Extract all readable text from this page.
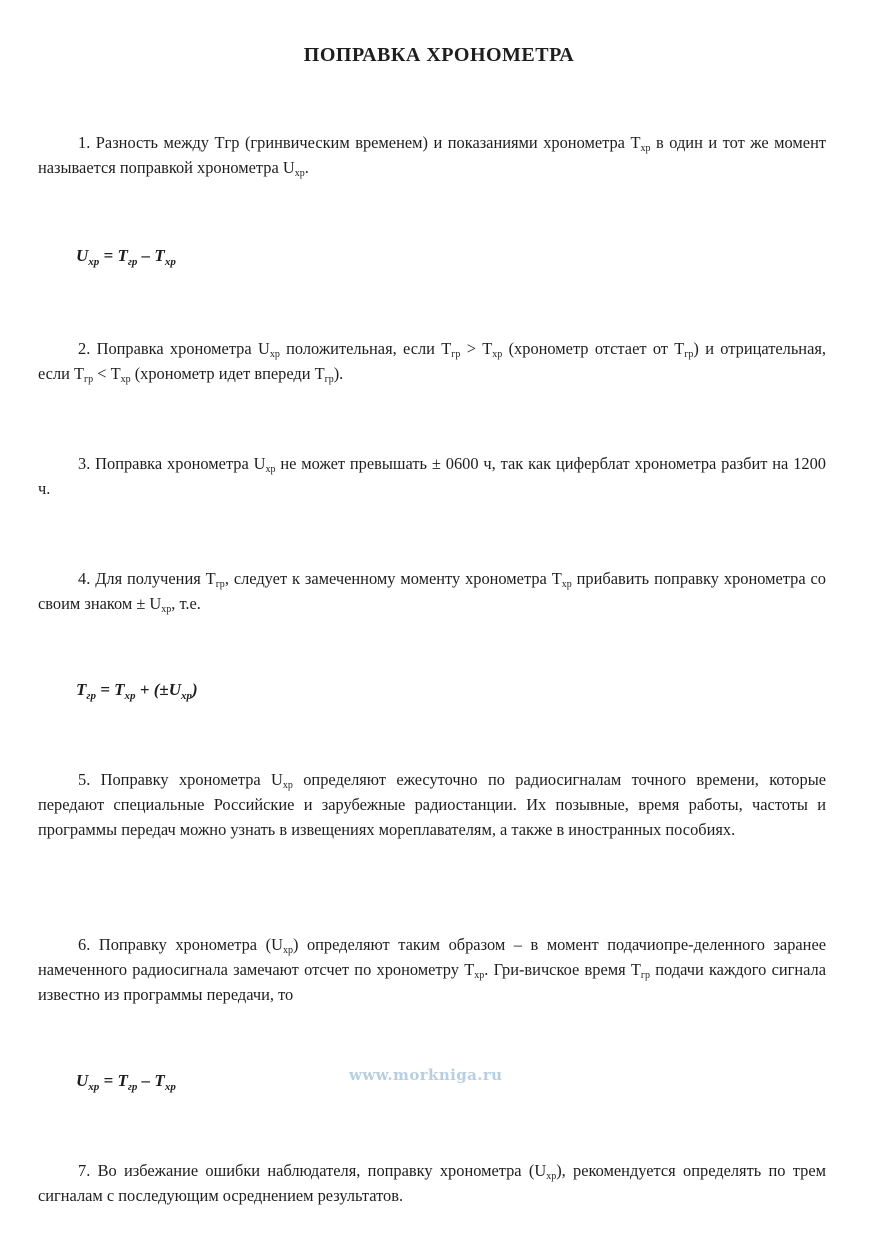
ПОПРАВКА ХРОНОМЕТРА
1. Разность между Tгр (гринвическим временем) и показаниями хронометра $T_{хр}$ в один и тот же момент называется поправкой хронометра $U_{хр}$.
$U_{хр} = T_{гр} - T_{хр}$
2. Поправка хронометра $U_{хр}$ положительная, если $T_{гр} > T_{хр}$ (хронометр отстает от $T_{гр}$) и отрицательная, если $T_{гр} < T_{хр}$ (хронометр идет впереди $T_{гр}$).
3. Поправка хронометра $U_{хр}$ не может превышать ± 0600 ч, так как циферблат хронометра разбит на 1200 ч.
4. Для получения $T_{гр}$, следует к замеченному моменту хронометра $T_{хр}$ прибавить поправку хронометра со своим знаком ± $U_{хр}$, т.е.
$T_{гр} = T_{хр} + (\pm U_{хр})$
5. Поправку хронометра $U_{хр}$ определяют ежесуточно по радиосигналам точного времени, которые передают специальные Российские и зарубежные радиостанции. Их позывные, время работы, частоты и программы передач можно узнать в извещениях мореплавателям, а также в иностранных пособиях.
6. Поправку хронометра $(U_{хр})$ определяют таким образом – в момент подачиопре-деленного заранее намеченного радиосигнала замечают отсчет по хронометру $T_{хр}$. Гри-вичское время $T_{гр}$ подачи каждого сигнала известно из программы передачи, то
$U_{хр} = T_{гр} - T_{хр}$
www.morkniga.ru
7. Во избежание ошибки наблюдателя, поправку хронометра $(U_{хр})$, рекомендуется определять по трем сигналам с последующим осреднением результатов.
